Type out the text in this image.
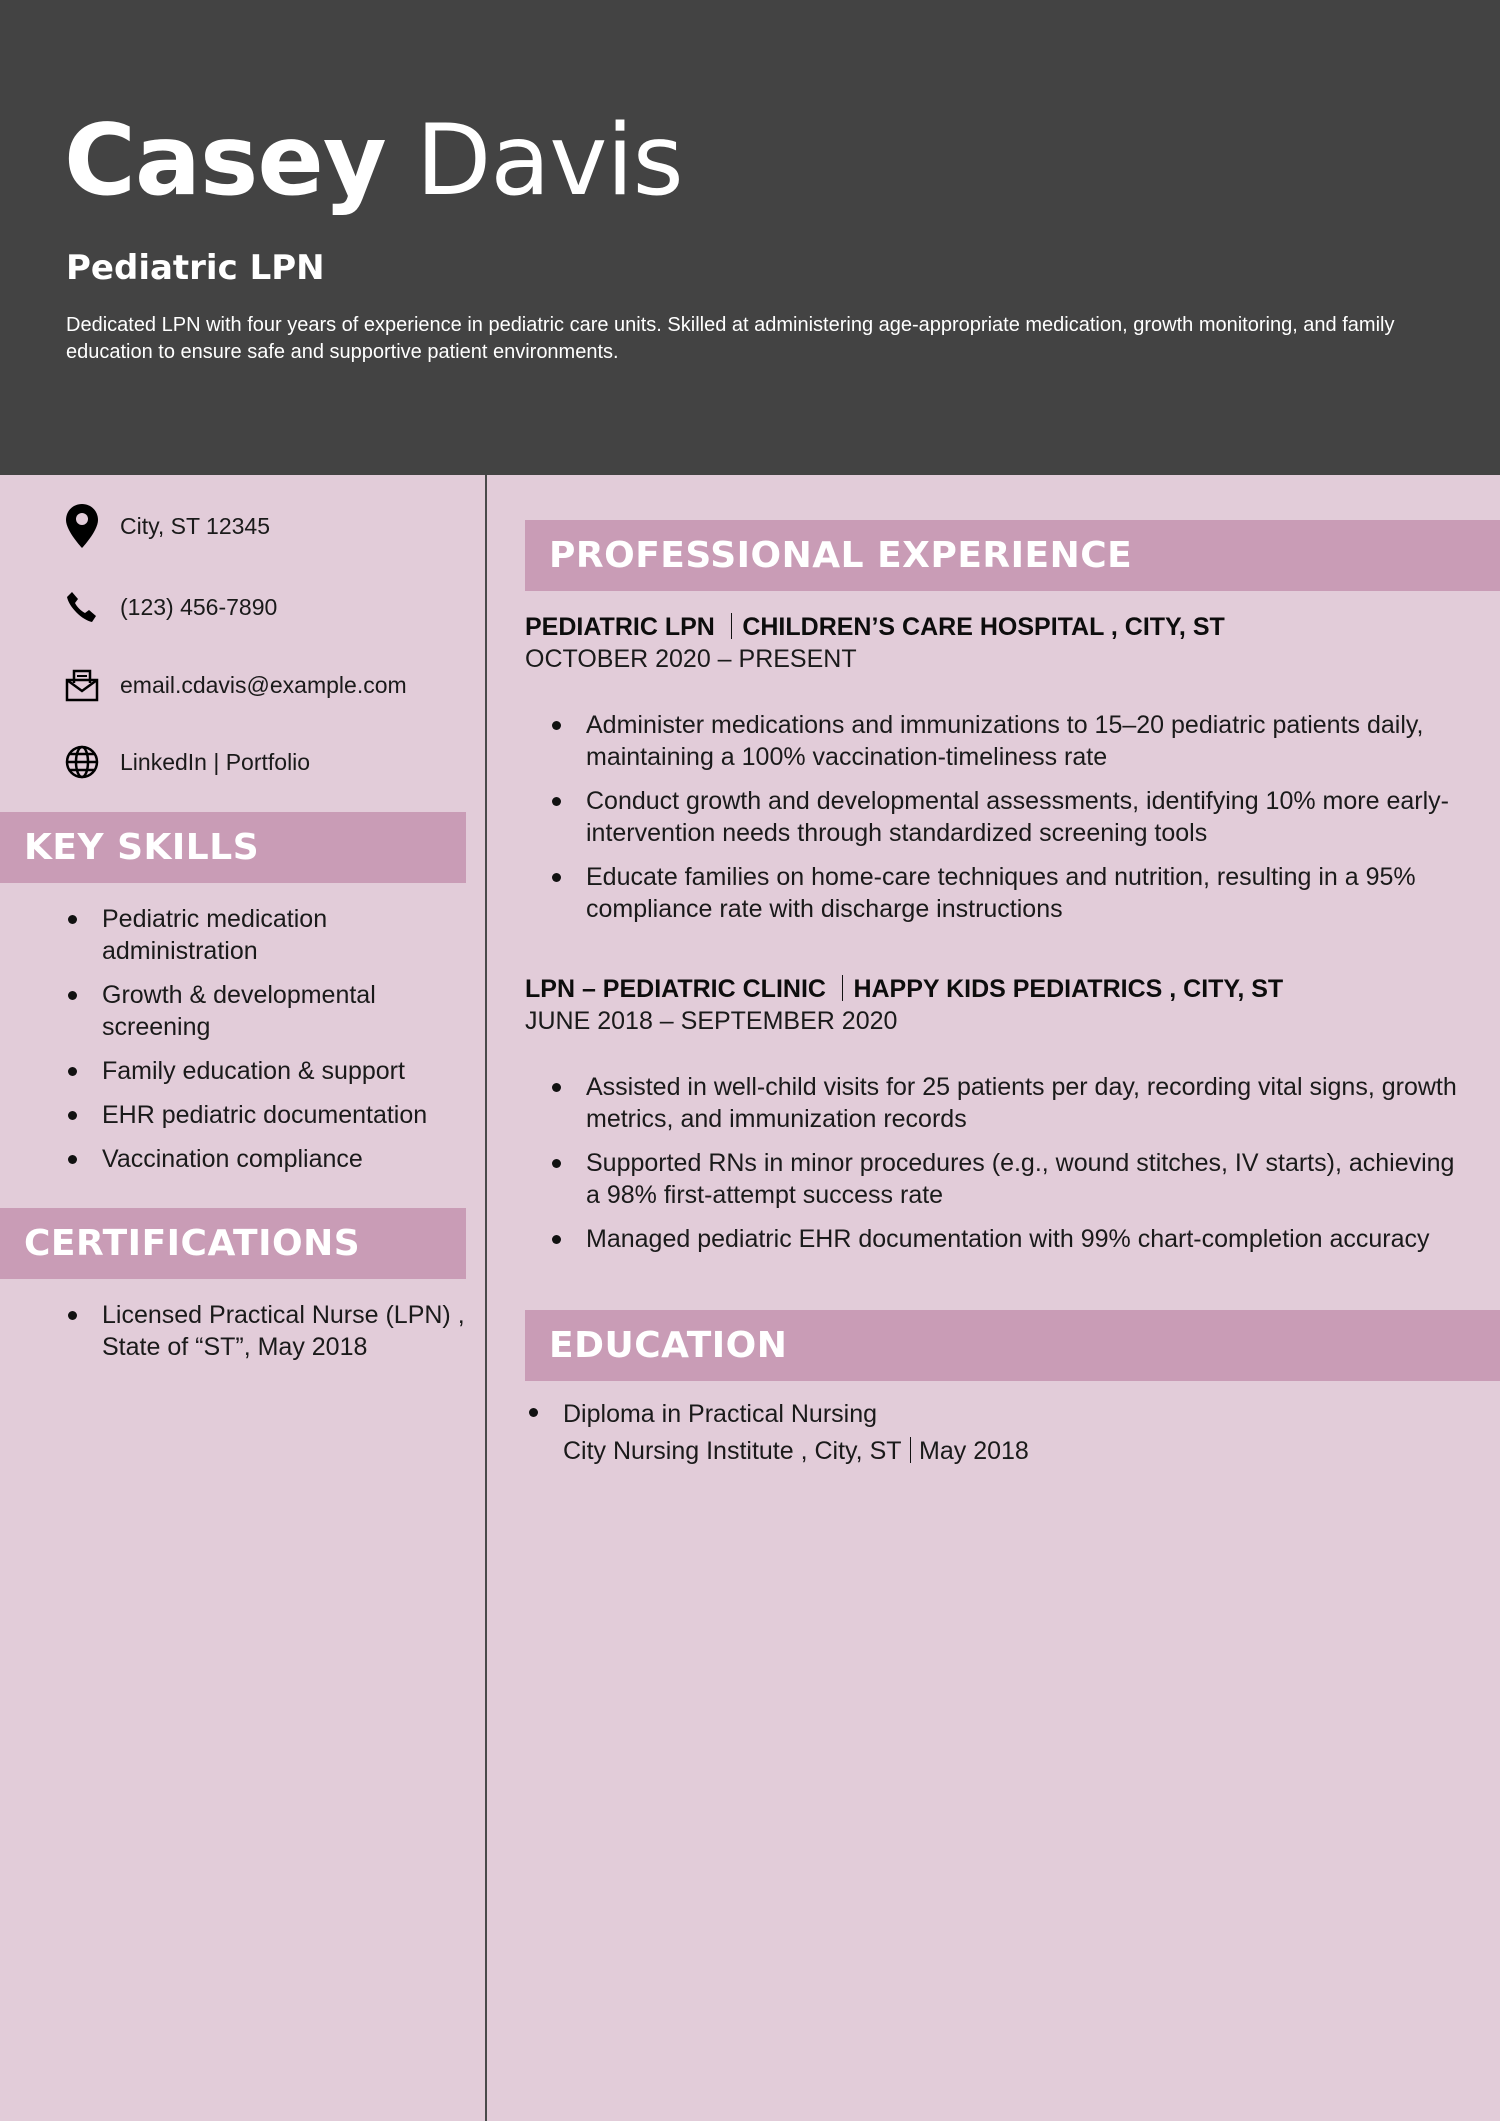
Casey Davis
Pediatric LPN
Dedicated LPN with four years of experience in pediatric care units. Skilled at administering age-appropriate medication, growth monitoring, and family education to ensure safe and supportive patient environments.
City, ST 12345
(123) 456-7890
email.cdavis@example.com
LinkedIn | Portfolio
KEY SKILLS
Pediatric medication administration
Growth & developmental screening
Family education & support
EHR pediatric documentation
Vaccination compliance
CERTIFICATIONS
Licensed Practical Nurse (LPN) , State of “ST”, May 2018
PROFESSIONAL EXPERIENCE
PEDIATRIC LPN CHILDREN’S CARE HOSPITAL , CITY, ST
OCTOBER 2020 – PRESENT
Administer medications and immunizations to 15–20 pediatric patients daily, maintaining a 100% vaccination-timeliness rate
Conduct growth and developmental assessments, identifying 10% more early-intervention needs through standardized screening tools
Educate families on home-care techniques and nutrition, resulting in a 95% compliance rate with discharge instructions
LPN – PEDIATRIC CLINIC HAPPY KIDS PEDIATRICS , CITY, ST
JUNE 2018 – SEPTEMBER 2020
Assisted in well-child visits for 25 patients per day, recording vital signs, growth metrics, and immunization records
Supported RNs in minor procedures (e.g., wound stitches, IV starts), achieving a 98% first-attempt success rate
Managed pediatric EHR documentation with 99% chart-completion accuracy
EDUCATION
Diploma in Practical Nursing
City Nursing Institute , City, ST May 2018
